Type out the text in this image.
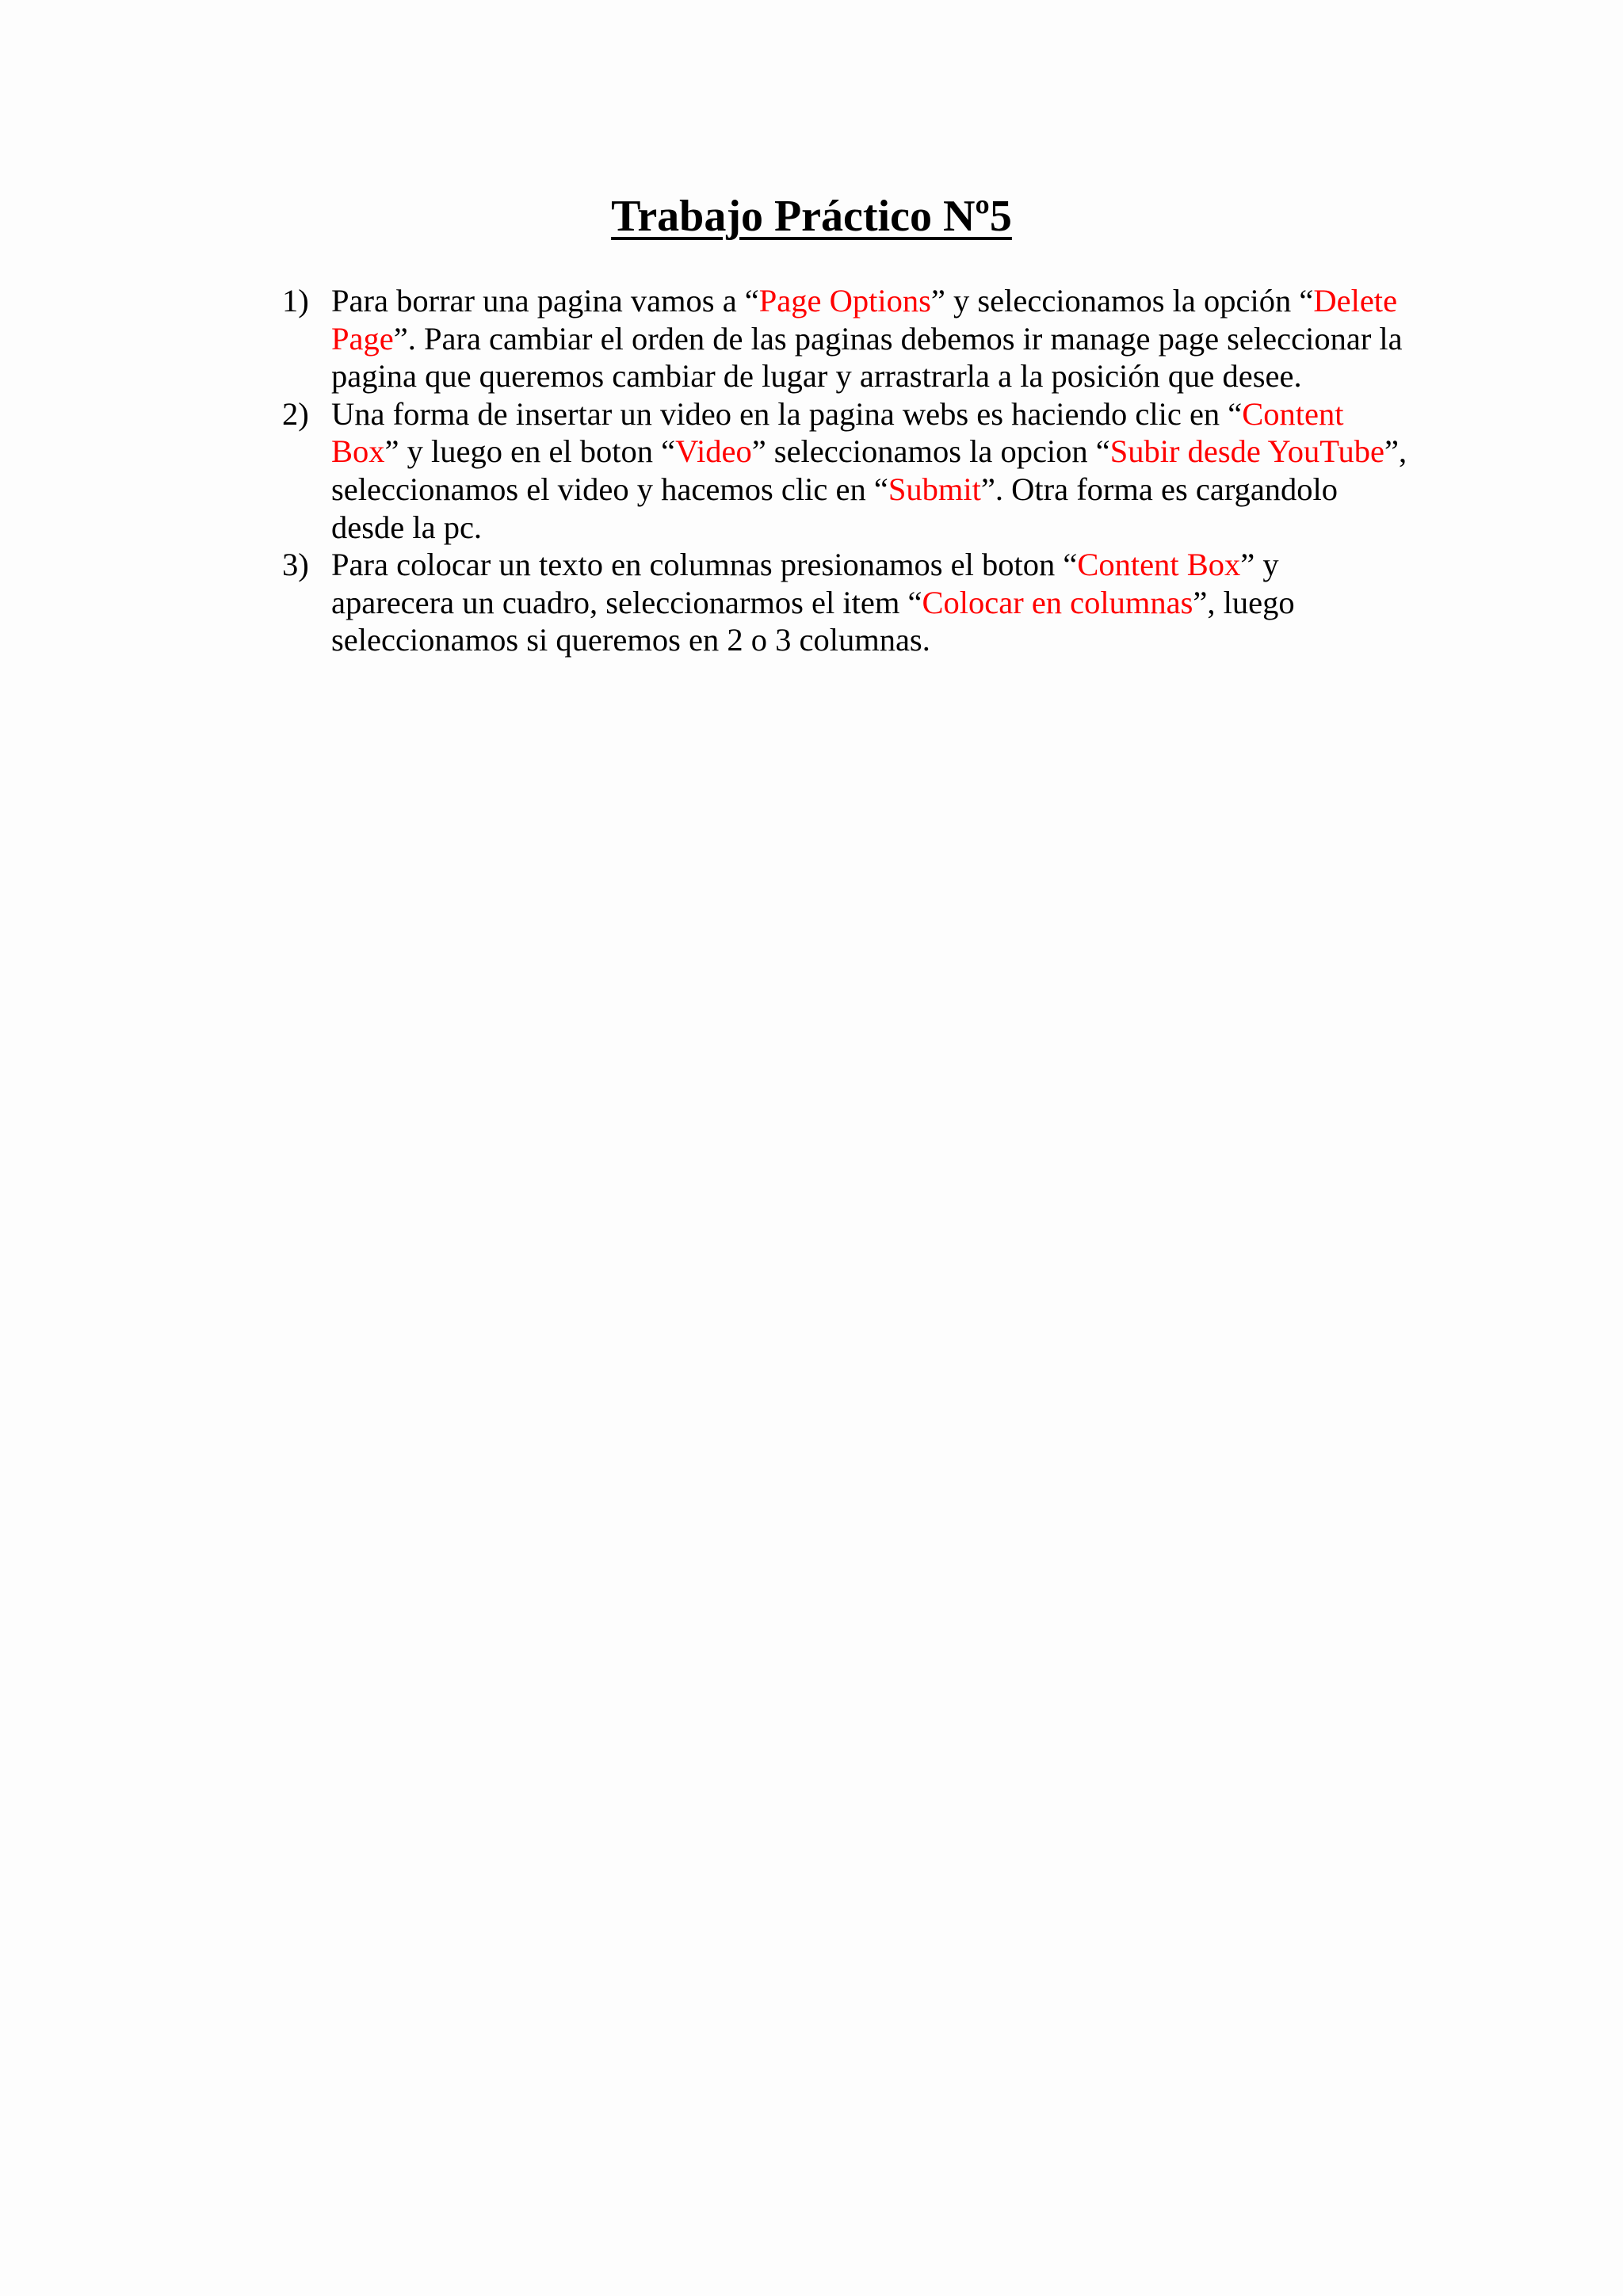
Trabajo Práctico Nº5
1) Para borrar una pagina vamos a “Page Options” y seleccionamos la opción “Delete Page”. Para cambiar el orden de las paginas debemos ir manage page seleccionar la pagina que queremos cambiar de lugar y arrastrarla a la posición que desee.
2) Una forma de insertar un video en la pagina webs es haciendo clic en “Content Box” y luego en el boton “Video” seleccionamos la opcion “Subir desde YouTube”, seleccionamos el video y hacemos clic en “Submit”. Otra forma es cargandolo desde la pc.
3) Para colocar un texto en columnas presionamos el boton “Content Box” y aparecera un cuadro, seleccionarmos el item “Colocar en columnas”, luego seleccionamos si queremos en 2 o 3 columnas.
